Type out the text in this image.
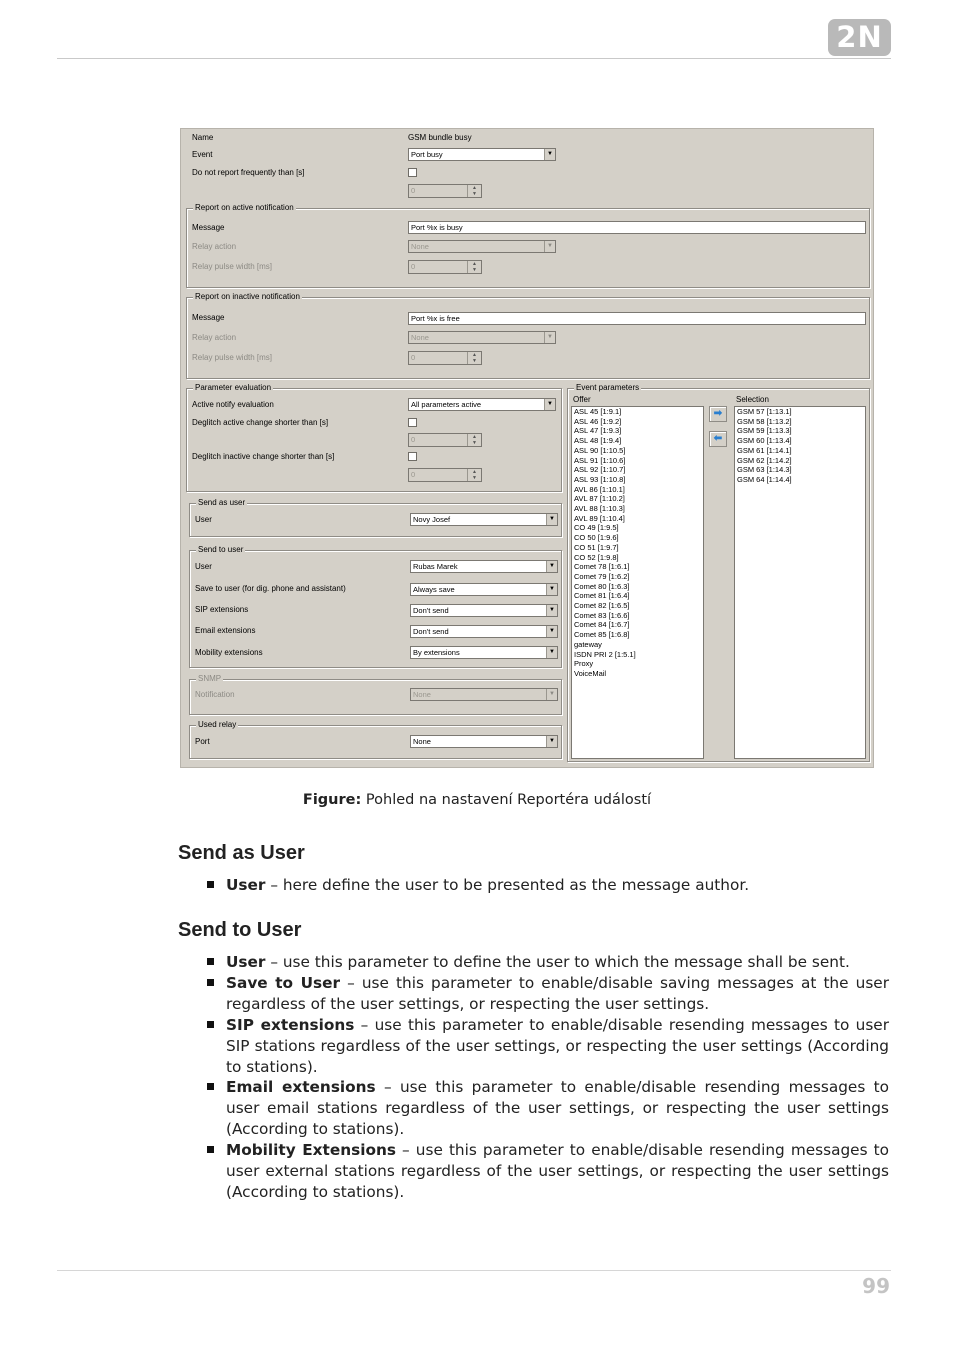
2N
Name	GSM bundle busy
Event	Port busy	▼
Do not report frequently than [s]
0	▲
▼
Report on active notification
Message	Port %x is busy
Relay action	None	▼
Relay pulse width [ms]	0	▲
▼
Report on inactive notification
Message	Port %x is free
Relay action	None	▼
Relay pulse width [ms]	0	▲
▼
Parameter evaluation
Active notify evaluation	All parameters active	▼
Deglitch active change shorter than [s]
0	▲
▼
Deglitch inactive change shorter than [s]
0	▲
▼
Send as user
User	Novy Josef	▼
Send to user
User	Rubas Marek	▼
Save to user (for dig. phone and assistant)	Always save	▼
SIP extensions	Don't send	▼
Email extensions	Don't send	▼
Mobility extensions	By extensions	▼
SNMP
Notification	None	▼
Used relay
Port	None	▼
Event parameters
Offer	Selection
ASL 45 [1:9.1]
ASL 46 [1:9.2]
ASL 47 [1:9.3]
ASL 48 [1:9.4]
ASL 90 [1:10.5]
ASL 91 [1:10.6]
ASL 92 [1:10.7]
ASL 93 [1:10.8]
AVL 86 [1:10.1]
AVL 87 [1:10.2]
AVL 88 [1:10.3]
AVL 89 [1:10.4]
CO 49 [1:9.5]
CO 50 [1:9.6]
CO 51 [1:9.7]
CO 52 [1:9.8]
Comet 78 [1:6.1]
Comet 79 [1:6.2]
Comet 80 [1:6.3]
Comet 81 [1:6.4]
Comet 82 [1:6.5]
Comet 83 [1:6.6]
Comet 84 [1:6.7]
Comet 85 [1:6.8]
gateway
ISDN PRI 2 [1:5.1]
Proxy
VoiceMail
➡
⬅
GSM 57 [1:13.1]
GSM 58 [1:13.2]
GSM 59 [1:13.3]
GSM 60 [1:13.4]
GSM 61 [1:14.1]
GSM 62 [1:14.2]
GSM 63 [1:14.3]
GSM 64 [1:14.4]
Figure: Pohled na nastavení Reportéra událostí
Send as User
User – here define the user to be presented as the message author.
Send to User
User – use this parameter to define the user to which the message shall be sent.
Save to User – use this parameter to enable/disable saving messages at the user regardless of the user settings, or respecting the user settings.
SIP extensions – use this parameter to enable/disable resending messages to user SIP stations regardless of the user settings, or respecting the user settings (According to stations).
Email extensions – use this parameter to enable/disable resending messages to user email stations regardless of the user settings, or respecting the user settings (According to stations).
Mobility Extensions – use this parameter to enable/disable resending messages to user external stations regardless of the user settings, or respecting the user settings (According to stations).
99
